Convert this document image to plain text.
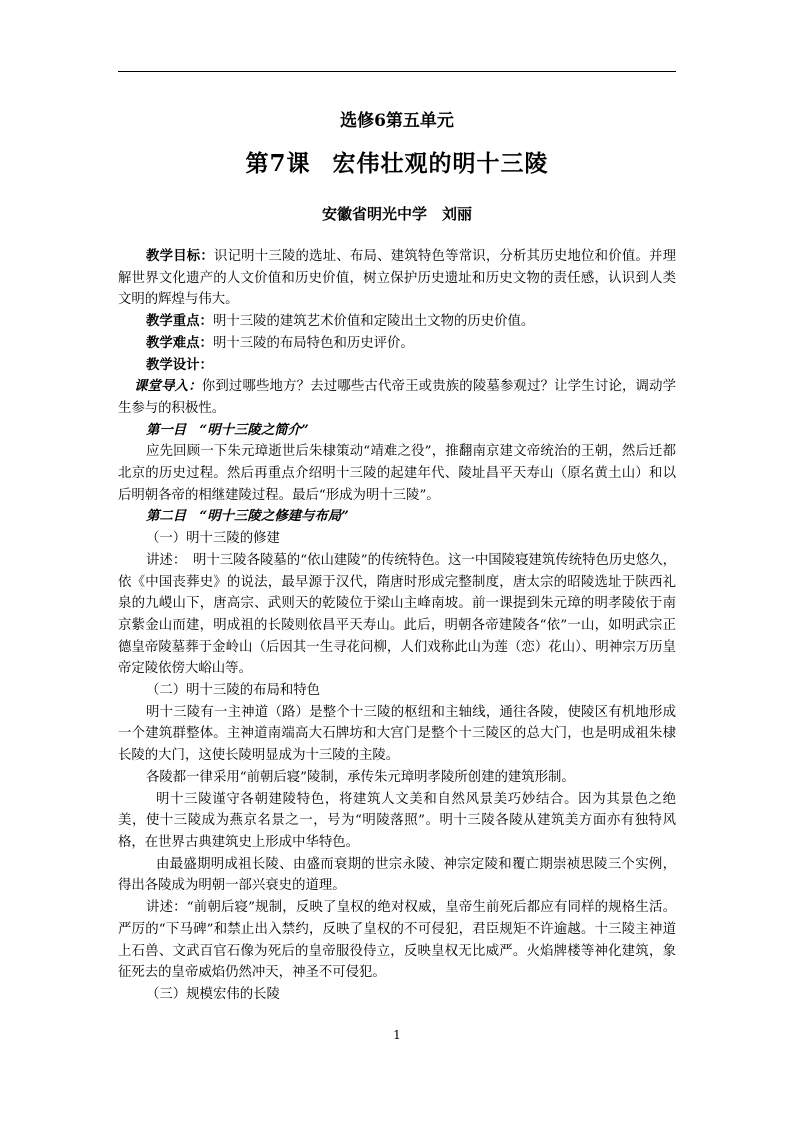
选修6第五单元
第7课 宏伟壮观的明十三陵
安徽省明光中学　刘丽

教学目标：识记明十三陵的选址、布局、建筑特色等常识，分析其历史地位和价值。并理解世界文化遗产的人文价值和历史价值，树立保护历史遗址和历史文物的责任感，认识到人类文明的辉煌与伟大。

教学重点：明十三陵的建筑艺术价值和定陵出土文物的历史价值。

教学难点：明十三陵的布局特色和历史评价。

教学设计：

课堂导入：你到过哪些地方？去过哪些古代帝王或贵族的陵墓参观过？让学生讨论，调动学生参与的积极性。

第一目　“明十三陵之简介”

应先回顾一下朱元璋逝世后朱棣策动“靖难之役”，推翻南京建文帝统治的王朝，然后迁都北京的历史过程。然后再重点介绍明十三陵的起建年代、陵址昌平天寿山（原名黄土山）和以后明朝各帝的相继建陵过程。最后“形成为明十三陵”。

第二目　“明十三陵之修建与布局”

（一）明十三陵的修建

讲述：　明十三陵各陵墓的“依山建陵”的传统特色。这一中国陵寝建筑传统特色历史悠久，依《中国丧葬史》的说法，最早源于汉代，隋唐时形成完整制度，唐太宗的昭陵选址于陕西礼泉的九嵕山下，唐高宗、武则天的乾陵位于梁山主峰南坡。前一课提到朱元璋的明孝陵依于南京紫金山而建，明成祖的长陵则依昌平天寿山。此后，明朝各帝建陵各“依”一山，如明武宗正德皇帝陵墓葬于金岭山（后因其一生寻花问柳，人们戏称此山为莲（恋）花山）、明神宗万历皇帝定陵依傍大峪山等。

（二）明十三陵的布局和特色

明十三陵有一主神道（路）是整个十三陵的枢纽和主轴线，通往各陵，使陵区有机地形成一个建筑群整体。主神道南端高大石牌坊和大宫门是整个十三陵区的总大门，也是明成祖朱棣长陵的大门，这使长陵明显成为十三陵的主陵。

各陵都一律采用“前朝后寝”陵制，承传朱元璋明孝陵所创建的建筑形制。

明十三陵谨守各朝建陵特色，将建筑人文美和自然风景美巧妙结合。因为其景色之绝美，使十三陵成为燕京名景之一，号为“明陵落照”。明十三陵各陵从建筑美方面亦有独特风格，在世界古典建筑史上形成中华特色。

由最盛期明成祖长陵、由盛而衰期的世宗永陵、神宗定陵和覆亡期崇祯思陵三个实例，得出各陵成为明朝一部兴衰史的道理。

讲述：“前朝后寝”规制，反映了皇权的绝对权威，皇帝生前死后都应有同样的规格生活。严厉的“下马碑”和禁止出入禁约，反映了皇权的不可侵犯，君臣规矩不许逾越。十三陵主神道上石兽、文武百官石像为死后的皇帝服役侍立，反映皇权无比威严。火焰牌楼等神化建筑，象征死去的皇帝威焰仍然冲天，神圣不可侵犯。

（三）规模宏伟的长陵

1
